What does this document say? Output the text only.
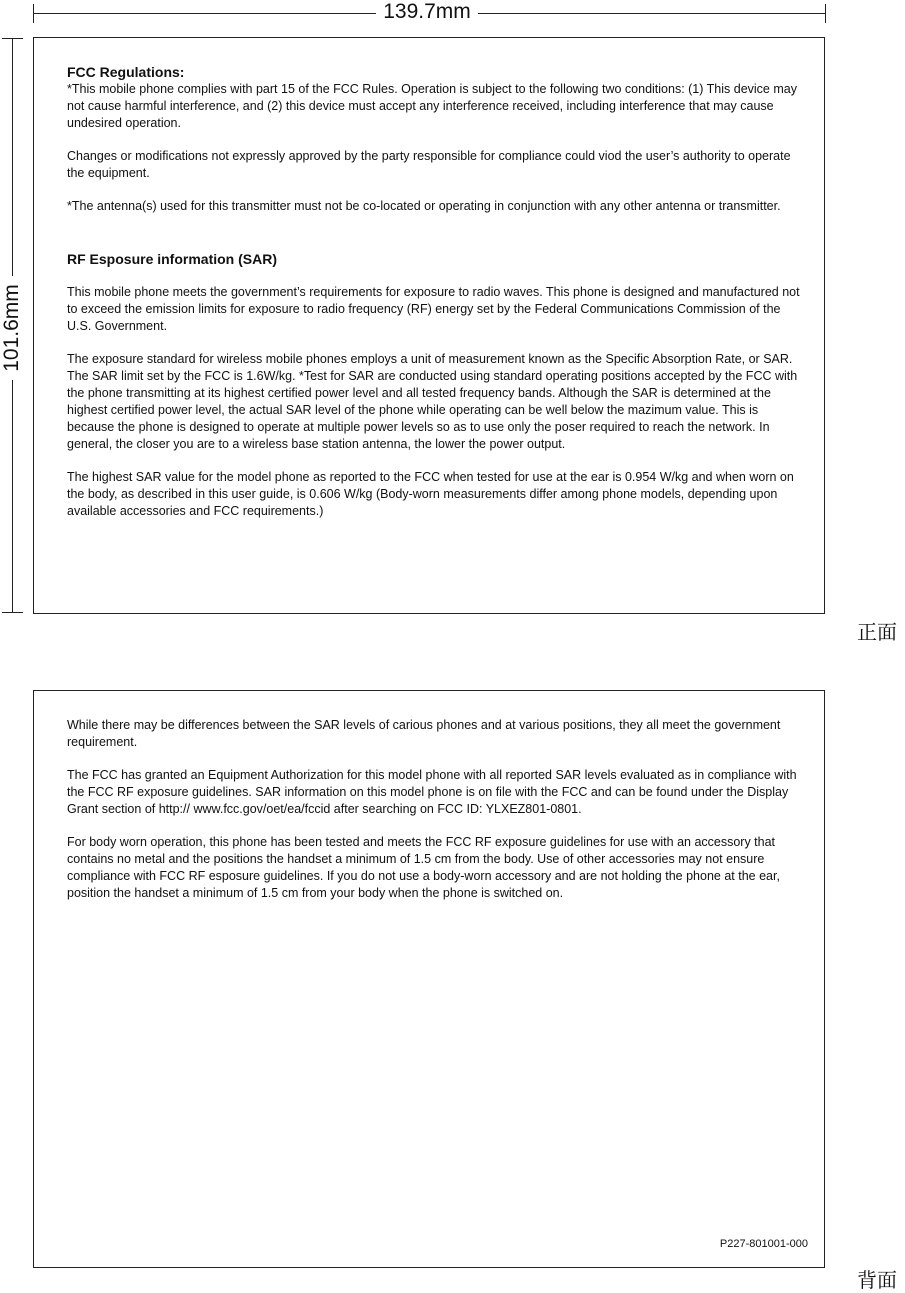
139.7mm
101.6mm
FCC Regulations:

*This mobile phone complies with part 15 of the FCC Rules. Operation is subject to the following two conditions: (1) This device may not cause harmful interference, and (2) this device must accept any interference received, including interference that may cause undesired operation.

Changes or modifications not expressly approved by the party responsible for compliance could viod the user’s authority to operate the equipment.

*The antenna(s) used for this transmitter must not be co-located or operating in conjunction with any other antenna or transmitter.

RF Esposure information (SAR)

This mobile phone meets the government’s requirements for exposure to radio waves. This phone is designed and manufactured not to exceed the emission limits for exposure to radio frequency (RF) energy set by the Federal Communications Commission of the U.S. Government.

The exposure standard for wireless mobile phones employs a unit of measurement known as the Specific Absorption Rate, or SAR. The SAR limit set by the FCC is 1.6W/kg. *Test for SAR are conducted using standard operating positions accepted by the FCC with the phone transmitting at its highest certified power level and all tested frequency bands. Although the SAR is determined at the highest certified power level, the actual SAR level of the phone while operating can be well below the mazimum value. This is because the phone is designed to operate at multiple power levels so as to use only the poser required to reach the network. In general, the closer you are to a wireless base station antenna, the lower the power output.

The highest SAR value for the model phone as reported to the FCC when tested for use at the ear is 0.954 W/kg and when worn on the body, as described in this user guide, is 0.606 W/kg (Body-worn measurements differ among phone models, depending upon available accessories and FCC requirements.)

正面

While there may be differences between the SAR levels of carious phones and at various positions, they all meet the government requirement.

The FCC has granted an Equipment Authorization for this model phone with all reported SAR levels evaluated as in compliance with the FCC RF exposure guidelines. SAR information on this model phone is on file with the FCC and can be found under the Display Grant section of http:// www.fcc.gov/oet/ea/fccid after searching on FCC ID: YLXEZ801-0801.

For body worn operation, this phone has been tested and meets the FCC RF exposure guidelines for use with an accessory that contains no metal and the positions the handset a minimum of 1.5 cm from the body. Use of other accessories may not ensure compliance with FCC RF esposure guidelines. If you do not use a body-worn accessory and are not holding the phone at the ear, position the handset a minimum of 1.5 cm from your body when the phone is switched on.

P227-801001-000
背面
